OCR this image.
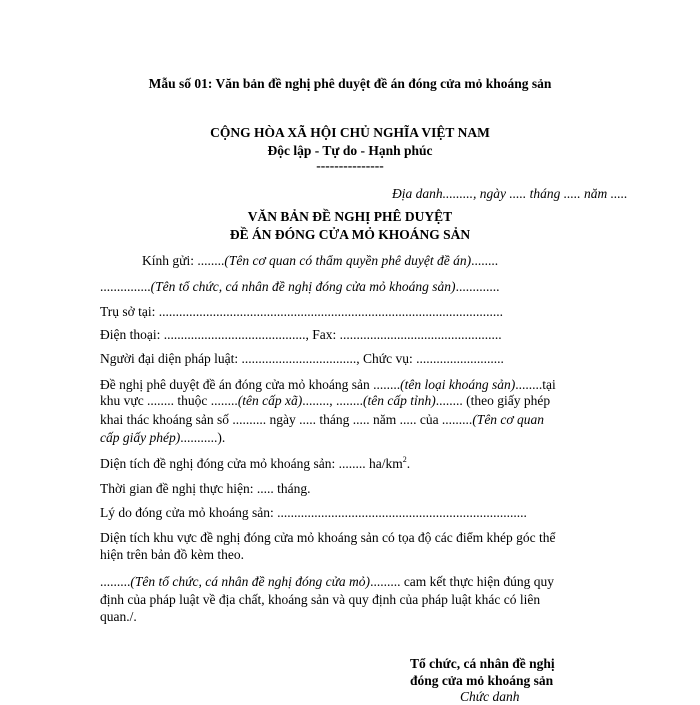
Mẫu số 01: Văn bản đề nghị phê duyệt đề án đóng cửa mỏ khoáng sản
CỘNG HÒA XÃ HỘI CHỦ NGHĨA VIỆT NAM
Độc lập - Tự do - Hạnh phúc
---------------
Địa danh........., ngày ..... tháng ..... năm .....
VĂN BẢN ĐỀ NGHỊ PHÊ DUYỆT
ĐỀ ÁN ĐÓNG CỬA MỎ KHOÁNG SẢN
Kính gửi: ........(Tên cơ quan có thẩm quyền phê duyệt đề án)........
...............(Tên tổ chức, cá nhân đề nghị đóng cửa mỏ khoáng sản).............
Trụ sở tại: ......................................................................................................
Điện thoại: .........................................., Fax: ................................................
Người đại diện pháp luật: .................................., Chức vụ: ..........................
Đề nghị phê duyệt đề án đóng cửa mỏ khoáng sản ........(tên loại khoáng sản)........tại
khu vực ........ thuộc ........(tên cấp xã)........, ........(tên cấp tỉnh)........ (theo giấy phép
khai thác khoáng sản số .......... ngày ..... tháng ..... năm ..... của .........(Tên cơ quan
cấp giấy phép)...........).
Diện tích đề nghị đóng cửa mỏ khoáng sản: ........ $ha/km^2$.
Thời gian đề nghị thực hiện: ..... tháng.
Lý do đóng cửa mỏ khoáng sản: ..........................................................................
Diện tích khu vực đề nghị đóng cửa mỏ khoáng sản có tọa độ các điểm khép góc thể
hiện trên bản đồ kèm theo.
.........(Tên tổ chức, cá nhân đề nghị đóng cửa mỏ)......... cam kết thực hiện đúng quy
định của pháp luật về địa chất, khoáng sản và quy định của pháp luật khác có liên
quan./.
Tổ chức, cá nhân đề nghị
đóng cửa mỏ khoáng sản
Chức danh
